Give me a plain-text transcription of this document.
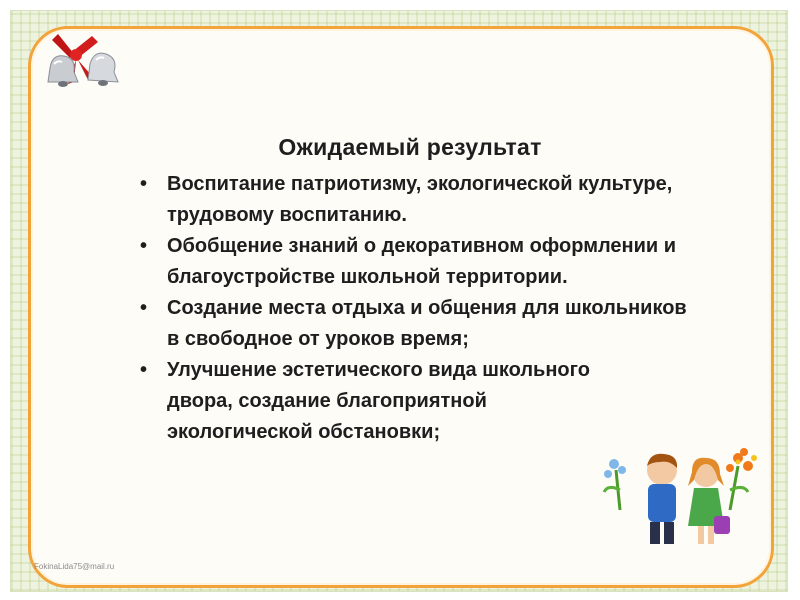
Ожидаемый результат
• Воспитание патриотизму, экологической культуре, трудовому воспитанию.
• Обобщение знаний о декоративном оформлении и благоустройстве школьной территории.
• Создание места отдыха и общения для школьников в свободное от уроков время;
• Улучшение эстетического вида школьного двора, создание благоприятной экологической обстановки;
FokinaLida75@mail.ru
